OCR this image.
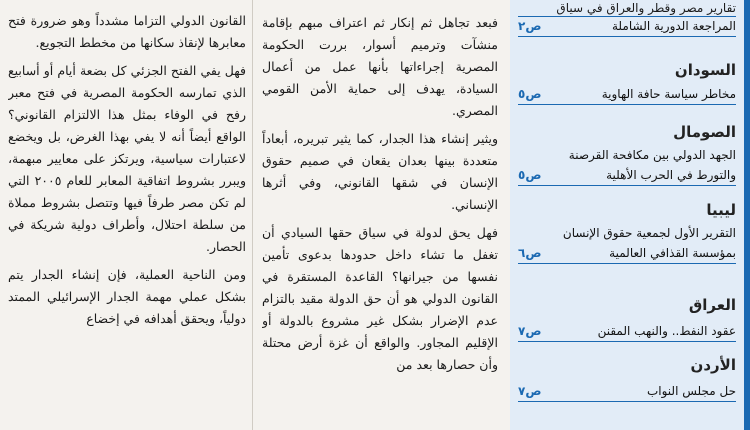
تقارير مصر وقطر والعراق في سياق
المراجعة الدورية الشاملة
ص٢
السودان
مخاطر سياسة حافة الهاوية
ص٥
الصومال
الجهد الدولي بين مكافحة القرصنة
والتورط في الحرب الأهلية
ص٥
ليبيا
التقرير الأول لجمعية حقوق الإنسان
بمؤسسة القذافي العالمية
ص٦
العراق
عقود النفط.. والنهب المقنن
ص٧
الأردن
حل مجلس النواب
ص٧

فبعد تجاهل ثم إنكار ثم اعتراف مبهم بإقامة منشآت وترميم أسوار، بررت الحكومة المصرية إجراءاتها بأنها عمل من أعمال السيادة، يهدف إلى حماية الأمن القومي المصري.

ويثير إنشاء هذا الجدار، كما يثير تبريره، أبعاداً متعددة بينها بعدان يقعان في صميم حقوق الإنسان في شقها القانوني، وفي أثرها الإنساني.

فهل يحق لدولة في سياق حقها السيادي أن تغفل ما تشاء داخل حدودها بدعوى تأمين نفسها من جيرانها؟ القاعدة المستقرة في القانون الدولي هو أن حق الدولة مقيد بالتزام عدم الإضرار بشكل غير مشروع بالدولة أو الإقليم المجاور. والواقع أن غزة أرض محتلة وأن حصارها بعد من

القانون الدولي التزاما مشدداً وهو ضرورة فتح معابرها لإنقاذ سكانها من مخطط التجويع.

فهل يفي الفتح الجزئي كل بضعة أيام أو أسابيع الذي تمارسه الحكومة المصرية في فتح معبر رفح في الوفاء بمثل هذا الالتزام القانوني؟ الواقع أيضاً أنه لا يفي بهذا الغرض، بل ويخضع لاعتبارات سياسية، ويرتكز على معايير مبهمة، ويبرر بشروط اتفاقية المعابر للعام ٢٠٠٥ التي لم تكن مصر طرفاً فيها وتتصل بشروط مملاة من سلطة احتلال، وأطراف دولية شريكة في الحصار.

ومن الناحية العملية، فإن إنشاء الجدار يتم بشكل عملي مهمة الجدار الإسرائيلي الممتد دولياً، ويحقق أهدافه في إخضاع
